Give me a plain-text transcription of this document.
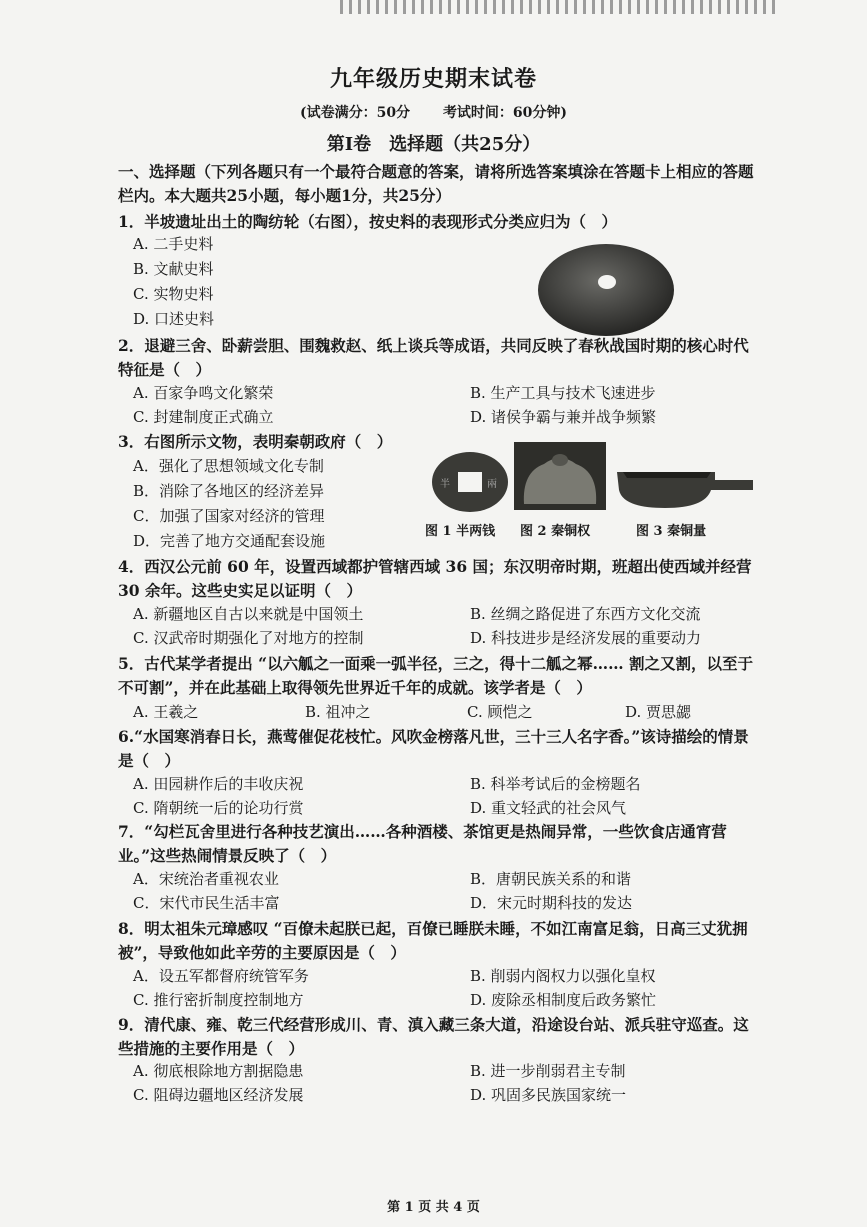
九年级历史期末试卷
(试卷满分：50分 考试时间：60分钟)
第Ⅰ卷　选择题（共25分）
一、选择题（下列各题只有一个最符合题意的答案，请将所选答案填涂在答题卡上相应的答题栏内。本大题共25小题，每小题1分，共25分）
1．半坡遗址出土的陶纺轮（右图），按史料的表现形式分类应归为（　）
A. 二手史料
B. 文献史料
C. 实物史料
D. 口述史料
2．退避三舍、卧薪尝胆、围魏救赵、纸上谈兵等成语，共同反映了春秋战国时期的核心时代特征是（　）
A. 百家争鸣文化繁荣	B. 生产工具与技术飞速进步
C. 封建制度正式确立	D. 诸侯争霸与兼并战争频繁
3．右图所示文物，表明秦朝政府（　）
A．强化了思想领域文化专制
B．消除了各地区的经济差异
C．加强了国家对经济的管理
D．完善了地方交通配套设施
半	兩
图 1 半两钱 图 2 秦铜权	图 3 秦铜量
4．西汉公元前 60 年，设置西域都护管辖西域 36 国；东汉明帝时期，班超出使西域并经营 30 余年。这些史实足以证明（　）
A. 新疆地区自古以来就是中国领土	B. 丝绸之路促进了东西方文化交流
C. 汉武帝时期强化了对地方的控制	D. 科技进步是经济发展的重要动力
5．古代某学者提出 “以六觚之一面乘一弧半径，三之，得十二觚之幂…… 割之又割，以至于不可割”，并在此基础上取得领先世界近千年的成就。该学者是（　）
A. 王羲之	B. 祖冲之	C. 顾恺之	D. 贾思勰
6.“水国寒消春日长，燕莺催促花枝忙。风吹金榜落凡世，三十三人名字香。”该诗描绘的情景是（　）
A. 田园耕作后的丰收庆祝	B. 科举考试后的金榜题名
C. 隋朝统一后的论功行赏	D. 重文轻武的社会风气
7．“勾栏瓦舍里进行各种技艺演出……各种酒楼、茶馆更是热闹异常，一些饮食店通宵营业。”这些热闹情景反映了（　）
A．宋统治者重视农业	B．唐朝民族关系的和谐
C．宋代市民生活丰富	D．宋元时期科技的发达
8．明太祖朱元璋感叹 “百僚未起朕已起，百僚已睡朕未睡，不如江南富足翁，日高三丈犹拥被”，导致他如此辛劳的主要原因是（　）
A．设五军都督府统管军务	B. 削弱内阁权力以强化皇权
C. 推行密折制度控制地方	D. 废除丞相制度后政务繁忙
9．清代康、雍、乾三代经营形成川、青、滇入藏三条大道，沿途设台站、派兵驻守巡查。这些措施的主要作用是（　）
A. 彻底根除地方割据隐患	B. 进一步削弱君主专制
C. 阻碍边疆地区经济发展	D. 巩固多民族国家统一
第 1 页 共 4 页
